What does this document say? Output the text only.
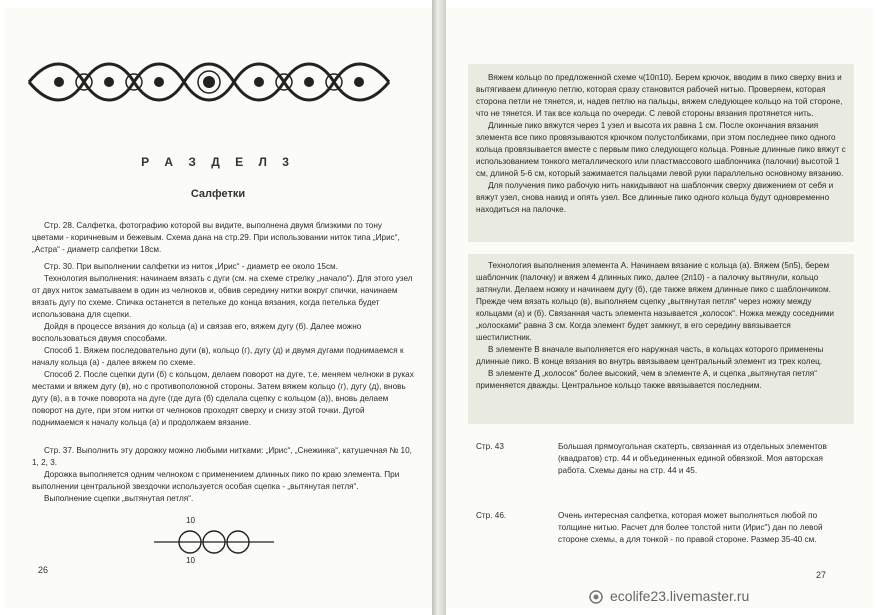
Р А З Д Е Л 3
Салфетки

Стр. 28. Салфетка, фотографию которой вы видите, выполнена двумя близкими по тону цветами - коричневым и бежевым. Схема дана на стр.29. При использовании ниток типа „Ирис“, „Астра“ - диаметр салфетки 18см.

Стр. 30. При выполнении салфетки из ниток „Ирис“ - диаметр ее около 15см.

Технология выполнения: начинаем вязать с дуги (см. на схеме стрелку „начало“). Для этого узел от двух ниток заматываем в один из челноков и, обвив середину нитки вокруг спички, начинаем вязать дугу по схеме. Спичка останется в петельке до конца вязания, когда петелька будет использована для сцепки.

Дойдя в процессе вязания до кольца (а) и связав его, вяжем дугу (б). Далее можно воспользоваться двумя способами.

Способ 1. Вяжем последовательно дуги (в), кольцо (г), дугу (д) и двумя дугами поднимаемся к началу кольца (а) - далее вяжем по схеме.

Способ 2. После сцепки дуги (б) с кольцом, делаем поворот на дуге, т.е. меняем челноки в руках местами и вяжем дугу (в), но с противоположной стороны. Затем вяжем кольцо (г), дугу (д), вновь дугу (в), а в точке поворота на дуге (где дуга (б) сделала сцепку с кольцом (а)), вновь делаем поворот на дуге, при этом нитки от челноков проходят сверху и снизу этой точки. Дугой поднимаемся к началу кольца (а) и продолжаем вязание.

Стр. 37. Выполнить эту дорожку можно любыми нитками: „Ирис“, „Снежинка“, катушечная № 10, 1, 2, 3.

Дорожка выполняется одним челноком с применением длинных пико по краю элемента. При выполнении центральной звездочки используется особая сцепка - „вытянутая петля“.

Выполнение сцепки „вытянутая петля“.

10
10
26

Вяжем кольцо по предложенной схеме ч(10п10). Берем крючок, вводим в пико сверху вниз и вытягиваем длинную петлю, которая сразу становится рабочей нитью. Проверяем, которая сторона петли не тянется, и, надев петлю на пальцы, вяжем следующее кольцо на той стороне, что не тянется. И так все кольца по очереди. С левой стороны вязания протянется нить.

Длинные пико вяжутся через 1 узел и высота их равна 1 см. После окончания вязания элемента все пико провязываются крючком полустолбиками, при этом последнее пико одного кольца провязывается вместе с первым пико следующего кольца. Ровные длинные пико вяжут с использованием тонкого металлического или пластмассового шаблончика (палочки) высотой 1 см, длиной 5-6 см, который зажимается пальцами левой руки параллельно основному вязанию.

Для получения пико рабочую нить накидывают на шаблончик сверху движением от себя и вяжут узел, снова накид и опять узел. Все длинные пико одного кольца будут одновременно находиться на палочке.

Технология выполнения элемента А. Начинаем вязание с кольца (а). Вяжем (5п5), берем шаблончик (палочку) и вяжем 4 длинных пико, далее (2п10) - а палочку вытянули, кольцо затянули. Делаем ножку и начинаем дугу (б), где также вяжем длинные пико с шаблончиком. Прежде чем вязать кольцо (в), выполняем сцепку „вытянутая петля“ через ножку между кольцами (а) и (б). Связанная часть элемента называется „колосок“. Ножка между соседними „колосками“ равна 3 см. Когда элемент будет замкнут, в его середину ввязывается шестилистник.

В элементе В вначале выполняется его наружная часть, в кольцах которого применены длинные пико. В конце вязания во внутрь ввязываем центральный элемент из трех колец.

В элементе Д „колосок“ более высокий, чем в элементе А, и сцепка „вытянутая петля“ применяется дважды. Центральное кольцо также ввязывается последним.

Стр. 43	Большая прямоугольная скатерть, связанная из отдельных элементов (квадратов) стр. 44 и объединенных единой обвязкой. Моя авторская работа. Схемы даны на стр. 44 и 45.
Стр. 46.	Очень интересная салфетка, которая может выполняться любой по толщине нитью. Расчет для более толстой нити (Ирис") дан по левой стороне схемы, а для тонкой - по правой стороне. Размер 35-40 см.
27
ecolife23.livemaster.ru
